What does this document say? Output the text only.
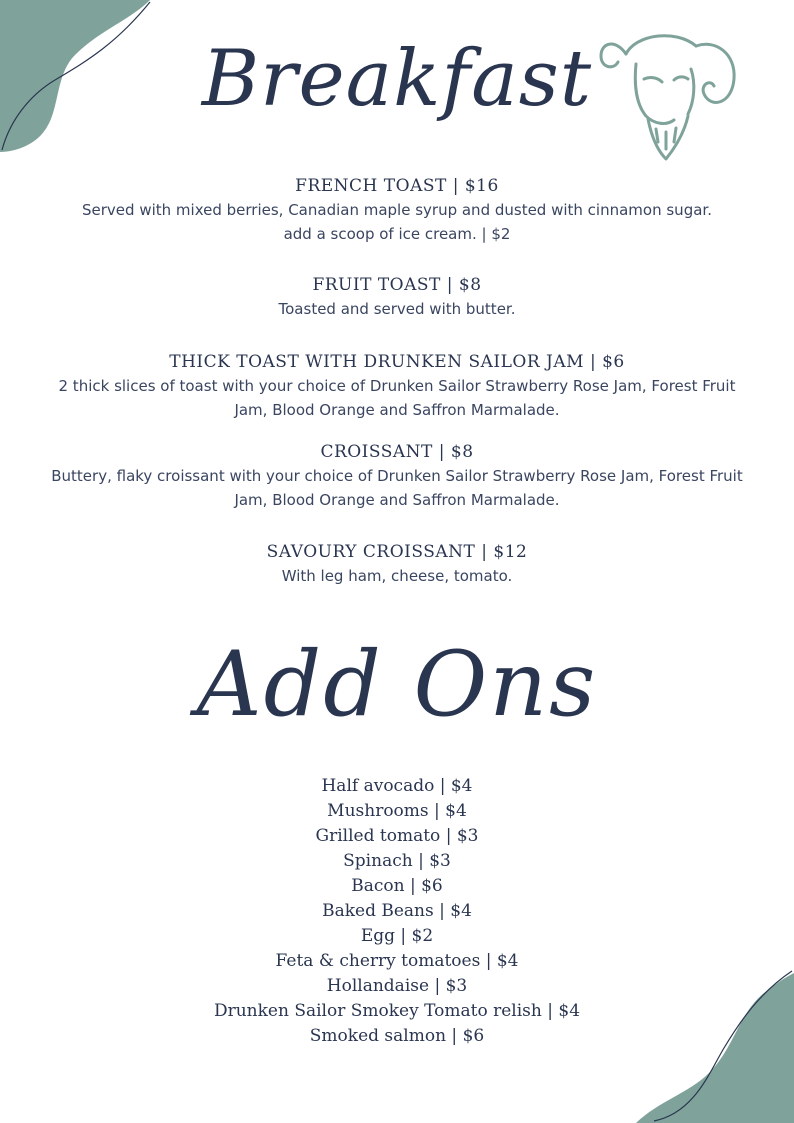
Breakfast
FRENCH TOAST | $16
Served with mixed berries, Canadian maple syrup and dusted with cinnamon sugar.
add a scoop of ice cream. | $2
FRUIT TOAST | $8
Toasted and served with butter.
THICK TOAST WITH DRUNKEN SAILOR JAM | $6
2 thick slices of toast with your choice of Drunken Sailor Strawberry Rose Jam, Forest Fruit
Jam, Blood Orange and Saffron Marmalade.
CROISSANT | $8
Buttery, flaky croissant with your choice of Drunken Sailor Strawberry Rose Jam, Forest Fruit
Jam, Blood Orange and Saffron Marmalade.
SAVOURY CROISSANT | $12
With leg ham, cheese, tomato.
Add Ons
Half avocado | $4
Mushrooms | $4
Grilled tomato | $3
Spinach | $3
Bacon | $6
Baked Beans | $4
Egg | $2
Feta & cherry tomatoes | $4
Hollandaise | $3
Drunken Sailor Smokey Tomato relish | $4
Smoked salmon | $6
